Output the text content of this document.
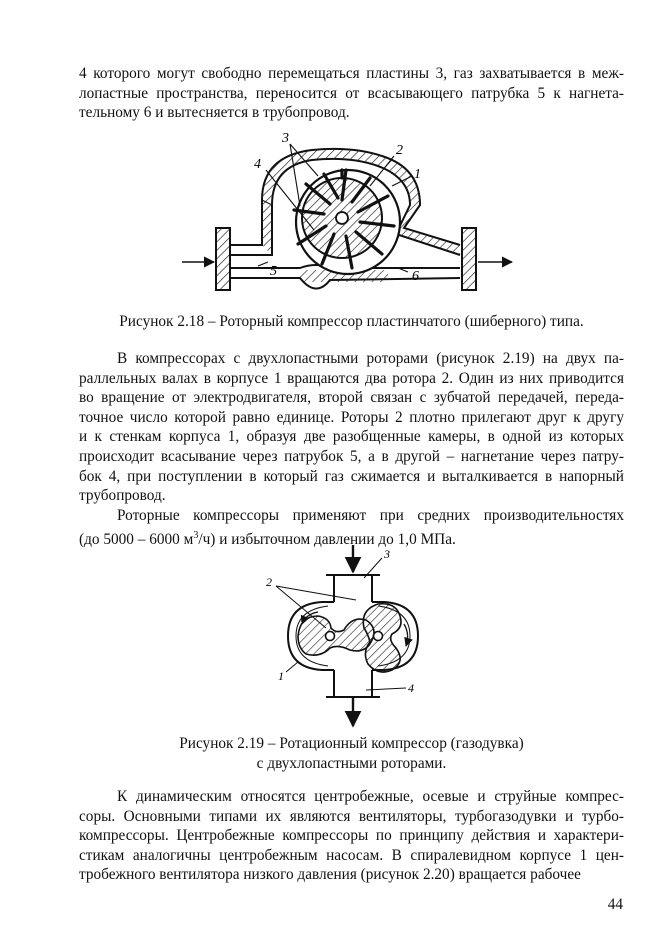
4 которого могут свободно перемещаться пластины 3, газ захватывается в меж-
лопастные пространства, переносится от всасывающего патрубка 5 к нагнета-
тельному 6 и вытесняется в трубопровод.
3
2
1
4
5	6

Рисунок 2.18 – Роторный компрессор пластинчатого (шиберного) типа.

В компрессорах с двухлопастными роторами (рисунок 2.19) на двух па-
раллельных валах в корпусе 1 вращаются два ротора 2. Один из них приводится
во вращение от электродвигателя, второй связан с зубчатой передачей, переда-
точное число которой равно единице. Роторы 2 плотно прилегают друг к другу
и к стенкам корпуса 1, образуя две разобщенные камеры, в одной из которых
происходит всасывание через патрубок 5, а в другой – нагнетание через патру-
бок 4, при поступлении в который газ сжимается и выталкивается в напорный
трубопровод.
Роторные компрессоры применяют при средних производительностях
(до 5000 – 6000 $м^3/ч$) и избыточном давлении до 1,0 МПа.
2
3
1
4

Рисунок 2.19 – Ротационный компрессор (газодувка)
с двухлопастными роторами.

К динамическим относятся центробежные, осевые и струйные компрес-
соры. Основными типами их являются вентиляторы, турбогазодувки и турбо-
компрессоры. Центробежные компрессоры по принципу действия и характери-
стикам аналогичны центробежным насосам. В спиралевидном корпусе 1 цен-
тробежного вентилятора низкого давления (рисунок 2.20) вращается рабочее
44
